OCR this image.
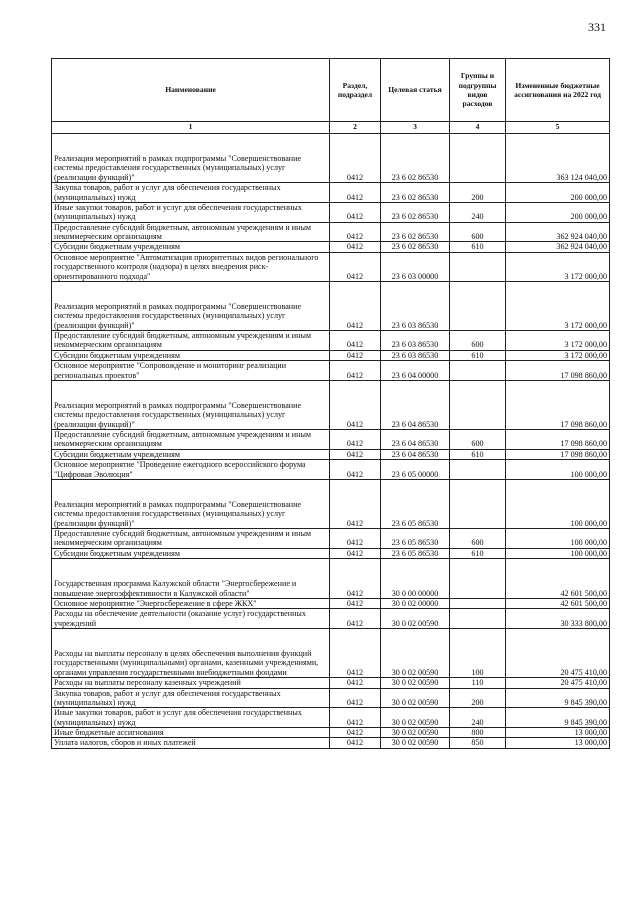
331
Наименование	Раздел, подраздел	Целевая статья	Группы и подгруппы видов расходов	Измененные бюджетные ассигнования на 2022 год
1	2	3	4	5

Реализация мероприятий в рамках подпрограммы "Совершенствование системы предоставления государственных (муниципальных) услуг (реализации функций)"	0412	23 6 02 86530		363 124 040,00
Закупка товаров, работ и услуг для обеспечения государственных (муниципальных) нужд	0412	23 6 02 86530	200	200 000,00
Иные закупки товаров, работ и услуг для обеспечения государственных (муниципальных) нужд	0412	23 6 02 86530	240	200 000,00
Предоставление субсидий бюджетным, автономным учреждениям и иным некоммерческим организациям	0412	23 6 02 86530	600	362 924 040,00
Субсидии бюджетным учреждениям	0412	23 6 02 86530	610	362 924 040,00
Основное мероприятие "Автоматизация приоритетных видов регионального государственного контроля (надзора) в целях внедрения риск-ориентированного подхода"	0412	23 6 03 00000		3 172 000,00

Реализация мероприятий в рамках подпрограммы "Совершенствование системы предоставления государственных (муниципальных) услуг (реализации функций)"	0412	23 6 03 86530		3 172 000,00
Предоставление субсидий бюджетным, автономным учреждениям и иным некоммерческим организациям	0412	23 6 03 86530	600	3 172 000,00
Субсидии бюджетным учреждениям	0412	23 6 03 86530	610	3 172 000,00
Основное мероприятие "Сопровождение и мониторинг реализации региональных проектов"	0412	23 6 04 00000		17 098 860,00

Реализация мероприятий в рамках подпрограммы "Совершенствование системы предоставления государственных (муниципальных) услуг (реализации функций)"	0412	23 6 04 86530		17 098 860,00
Предоставление субсидий бюджетным, автономным учреждениям и иным некоммерческим организациям	0412	23 6 04 86530	600	17 098 860,00
Субсидии бюджетным учреждениям	0412	23 6 04 86530	610	17 098 860,00
Основное мероприятие "Проведение ежегодного всероссийского форума "Цифровая Эволюция"	0412	23 6 05 00000		100 000,00

Реализация мероприятий в рамках подпрограммы "Совершенствование системы предоставления государственных (муниципальных) услуг (реализации функций)"	0412	23 6 05 86530		100 000,00
Предоставление субсидий бюджетным, автономным учреждениям и иным некоммерческим организациям	0412	23 6 05 86530	600	100 000,00
Субсидии бюджетным учреждениям	0412	23 6 05 86530	610	100 000,00

Государственная программа Калужской области "Энергосбережение и повышение энергоэффективности в Калужской области"	0412	30 0 00 00000		42 601 500,00
Основное мероприятие "Энергосбережение в сфере ЖКХ"	0412	30 0 02 00000		42 601 500,00
Расходы на обеспечение деятельности (оказание услуг) государственных учреждений	0412	30 0 02 00590		30 333 800,00

Расходы на выплаты персоналу в целях обеспечения выполнения функций государственными (муниципальными) органами, казенными учреждениями, органами управления государственными внебюджетными фондами	0412	30 0 02 00590	100	20 475 410,00
Расходы на выплаты персоналу казенных учреждений	0412	30 0 02 00590	110	20 475 410,00
Закупка товаров, работ и услуг для обеспечения государственных (муниципальных) нужд	0412	30 0 02 00590	200	9 845 390,00
Иные закупки товаров, работ и услуг для обеспечения государственных (муниципальных) нужд	0412	30 0 02 00590	240	9 845 390,00
Иные бюджетные ассигнования	0412	30 0 02 00590	800	13 000,00
Уплата налогов, сборов и иных платежей	0412	30 0 02 00590	850	13 000,00
